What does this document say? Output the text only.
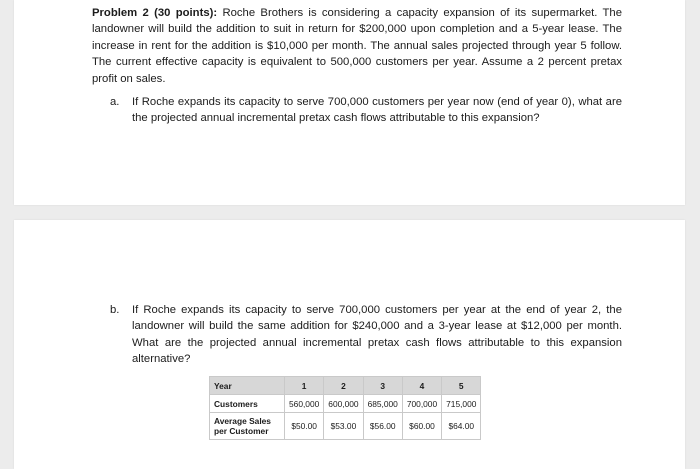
Problem 2 (30 points): Roche Brothers is considering a capacity expansion of its supermarket. The landowner will build the addition to suit in return for $200,000 upon completion and a 5-year lease. The increase in rent for the addition is $10,000 per month. The annual sales projected through year 5 follow. The current effective capacity is equivalent to 500,000 customers per year. Assume a 2 percent pretax profit on sales.
a. If Roche expands its capacity to serve 700,000 customers per year now (end of year 0), what are the projected annual incremental pretax cash flows attributable to this expansion?
b. If Roche expands its capacity to serve 700,000 customers per year at the end of year 2, the landowner will build the same addition for $240,000 and a 3-year lease at $12,000 per month. What are the projected annual incremental pretax cash flows attributable to this expansion alternative?
Year	1	2	3	4	5
Customers	560,000	600,000	685,000	700,000	715,000
Average Sales per Customer	$50.00	$53.00	$56.00	$60.00	$64.00
